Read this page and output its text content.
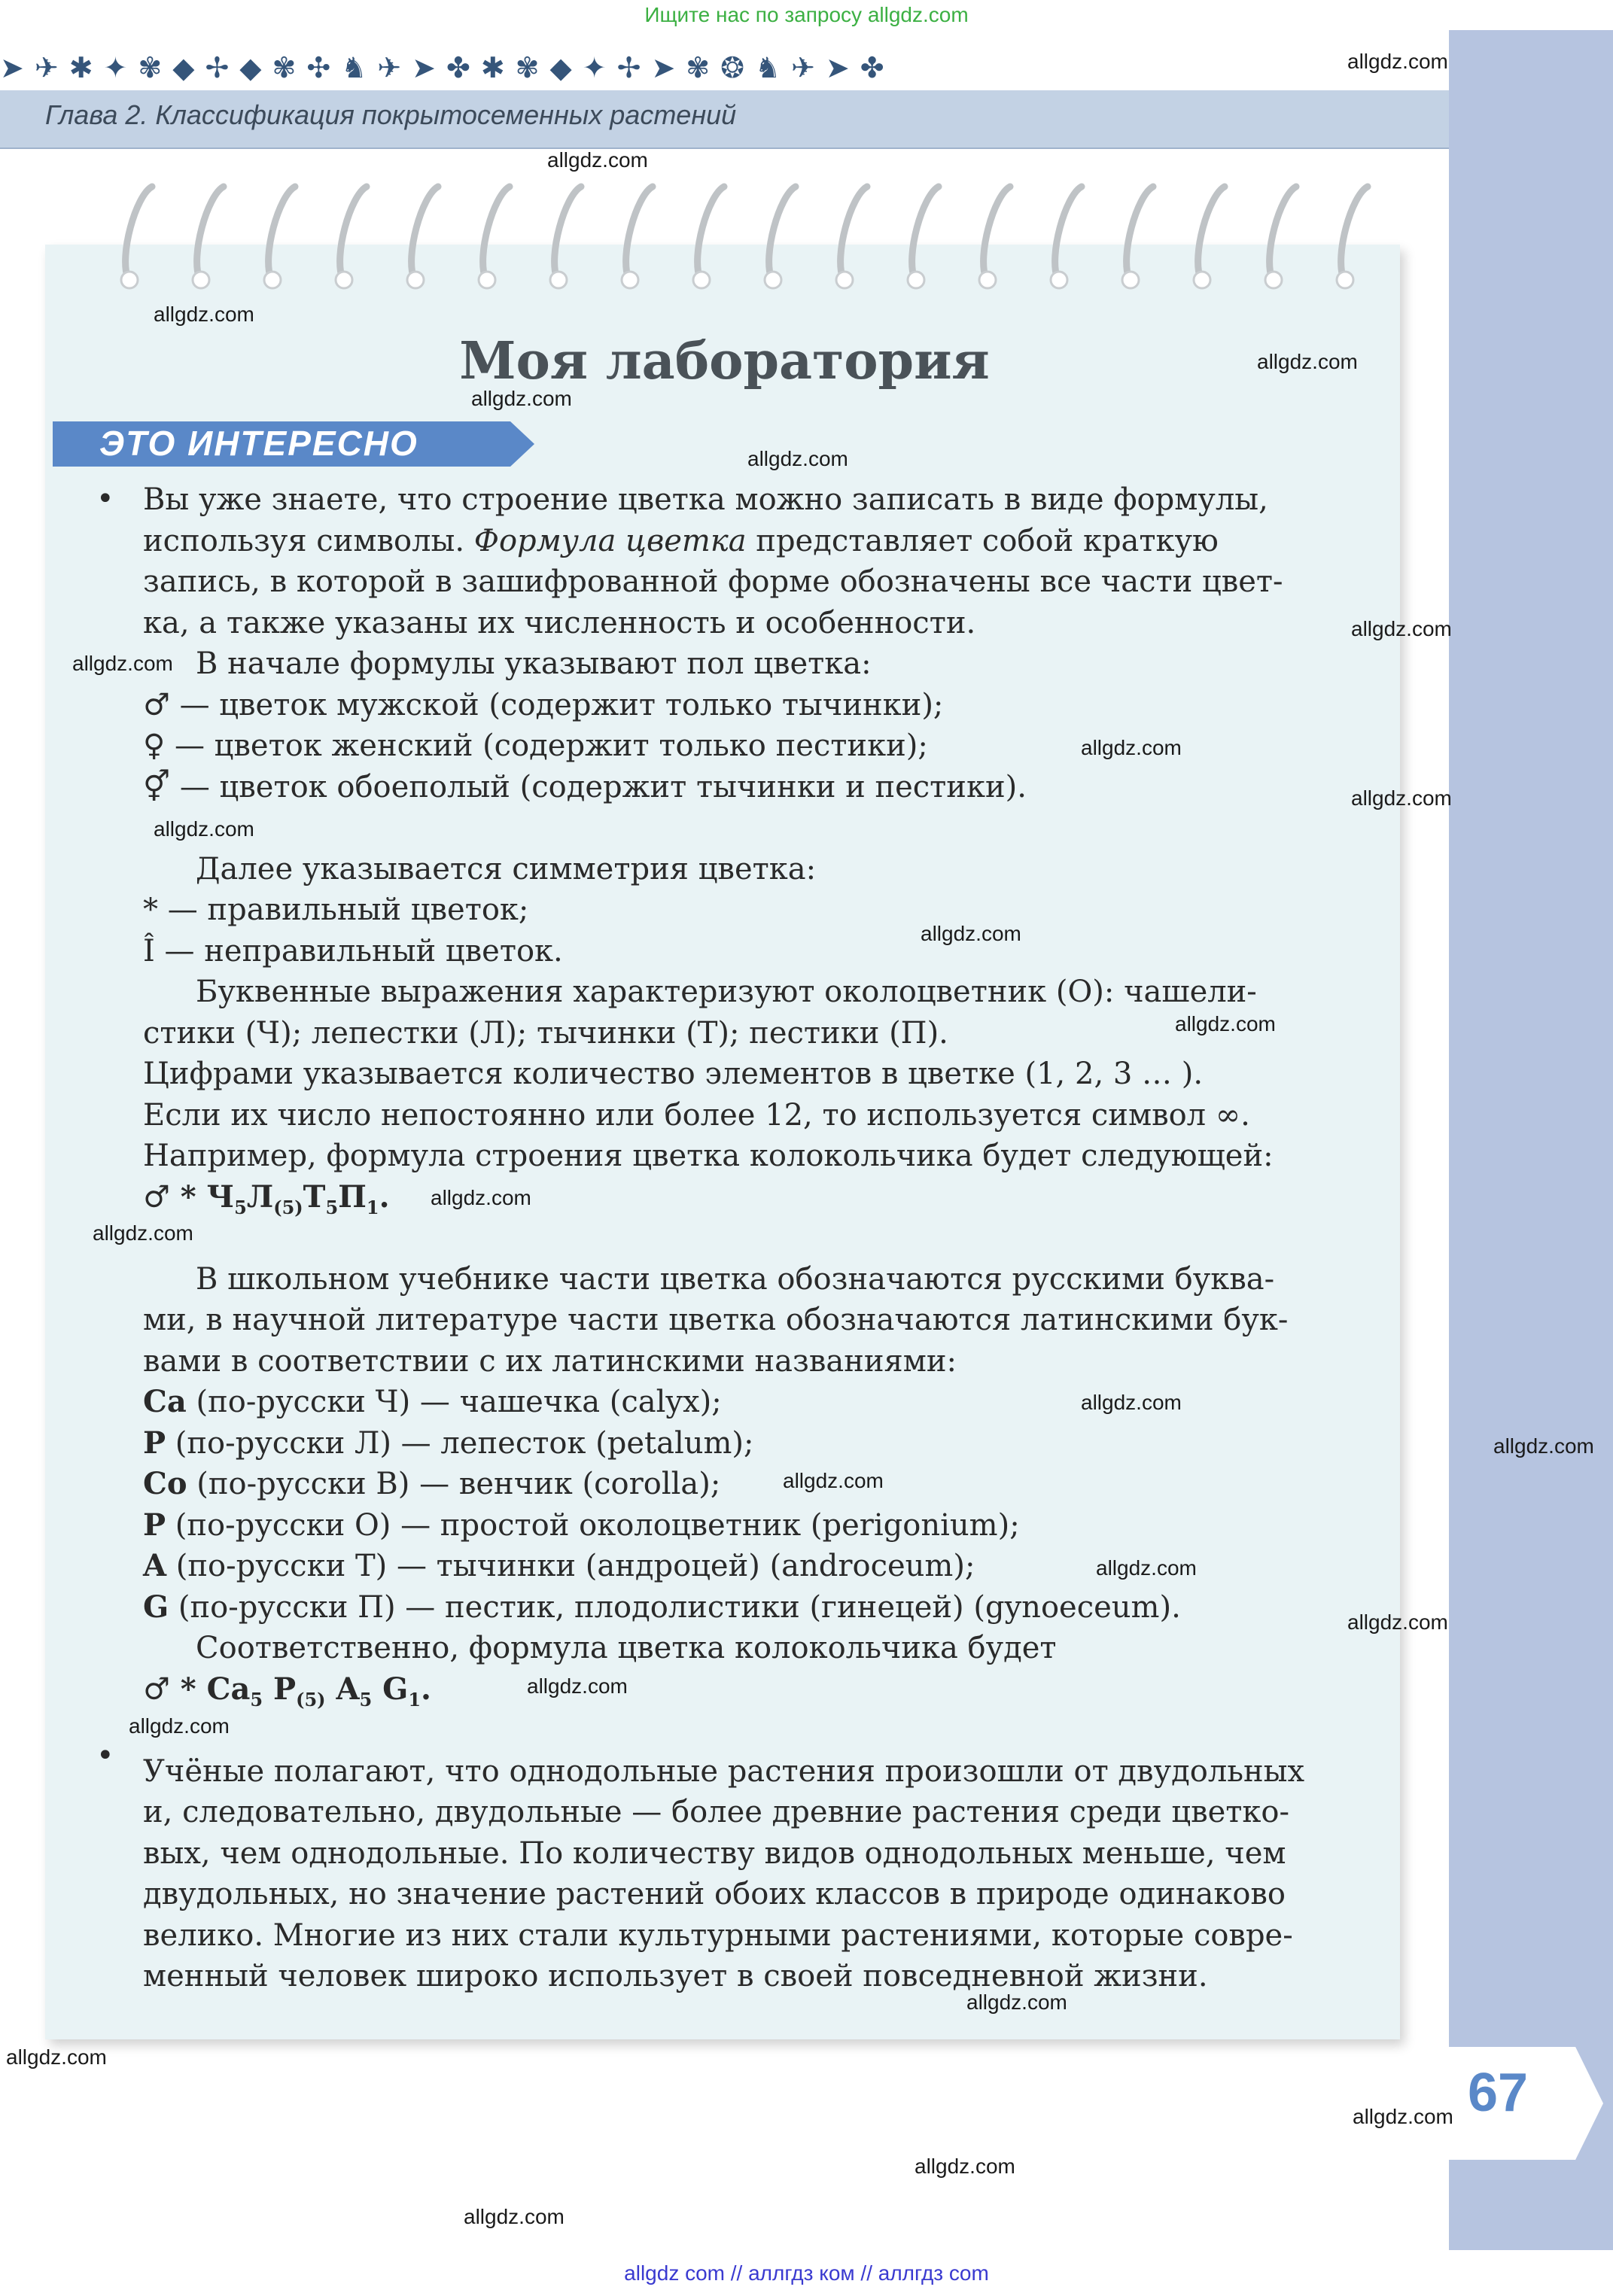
Ищите нас по запросу allgdz.com
➤ ✈ ✱ ✦ ✾ ◆ ✢ ◆ ✾ ✣ ♞ ✈ ➤ ✤ ✱ ✾ ◆ ✦ ✢ ➤ ✾ ❂ ♞ ✈ ➤ ✤
Глава 2. Классификация покрытосеменных растений
Моя лаборатория
ЭТО ИНТЕРЕСНО
•
•
Вы уже знаете, что строение цветка можно записать в виде формулы,
используя символы. Формула цветка представляет собой краткую
запись, в которой в зашифрованной форме обозначены все части цвет-
ка, а также указаны их численность и особенности.
В начале формулы указывают пол цветка:
♂ — цветок мужской (содержит только тычинки);
♀ — цветок женский (содержит только пестики);
⚥ — цветок обоеполый (содержит тычинки и пестики).
Далее указывается симметрия цветка:
* — правильный цветок;
Î — неправильный цветок.
Буквенные выражения характеризуют околоцветник (О): чашели-
стики (Ч); лепестки (Л); тычинки (Т); пестики (П).
Цифрами указывается количество элементов в цветке (1, 2, 3 … ).
Если их число непостоянно или более 12, то используется символ ∞.
Например, формула строения цветка колокольчика будет следующей:
♂ * $Ч_5Л_{(5)}Т_5П_1$.
В школьном учебнике части цветка обозначаются русскими буква-
ми, в научной литературе части цветка обозначаются латинскими бук-
вами в соответствии с их латинскими названиями:
Ca (по-русски Ч) — чашечка (calyx);
P (по-русски Л) — лепесток (petalum);
Co (по-русски В) — венчик (corolla);
P (по-русски О) — простой околоцветник (perigonium);
A (по-русски Т) — тычинки (андроцей) (androceum);
G (по-русски П) — пестик, плодолистики (гинецей) (gynoeceum).
Соответственно, формула цветка колокольчика будет
♂ * $Ca_5$ $P_{(5)}$ $A_5$ $G_1$.
Учёные полагают, что однодольные растения произошли от двудольных
и, следовательно, двудольные — более древние растения среди цветко-
вых, чем однодольные. По количеству видов однодольных меньше, чем
двудольных, но значение растений обоих классов в природе одинаково
велико. Многие из них стали культурными растениями, которые совре-
менный человек широко использует в своей повседневной жизни.
67
allgdz.com
allgdz.com
allgdz.com
allgdz.com
allgdz.com
allgdz.com
allgdz.com
allgdz.com
allgdz.com
allgdz.com
allgdz.com
allgdz.com
allgdz.com
allgdz.com
allgdz.com
allgdz.com
allgdz.com
allgdz.com
allgdz.com
allgdz.com
allgdz.com
allgdz.com
allgdz.com
allgdz.com
allgdz.com
allgdz.com
allgdz.com
allgdz com // аллгдз ком // аллгдз com
